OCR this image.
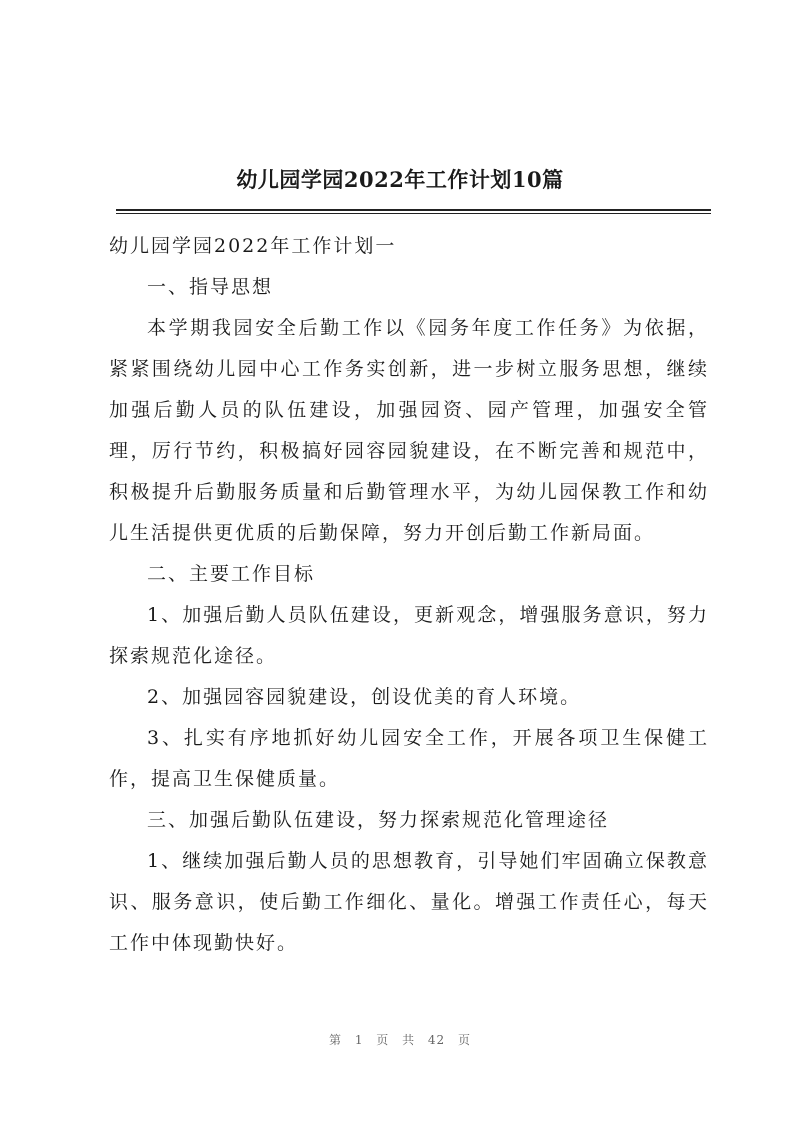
幼儿园学园2022年工作计划10篇

幼儿园学园2022年工作计划一

一、指导思想

本学期我园安全后勤工作以《园务年度工作任务》为依据，紧紧围绕幼儿园中心工作务实创新，进一步树立服务思想，继续加强后勤人员的队伍建设，加强园资、园产管理，加强安全管理，厉行节约，积极搞好园容园貌建设，在不断完善和规范中，积极提升后勤服务质量和后勤管理水平，为幼儿园保教工作和幼儿生活提供更优质的后勤保障，努力开创后勤工作新局面。

二、主要工作目标

1、加强后勤人员队伍建设，更新观念，增强服务意识，努力探索规范化途径。

2、加强园容园貌建设，创设优美的育人环境。

3、扎实有序地抓好幼儿园安全工作，开展各项卫生保健工作，提高卫生保健质量。

三、加强后勤队伍建设，努力探索规范化管理途径

1、继续加强后勤人员的思想教育，引导她们牢固确立保教意识、服务意识，使后勤工作细化、量化。增强工作责任心，每天工作中体现勤快好。

第 1 页 共 42 页
